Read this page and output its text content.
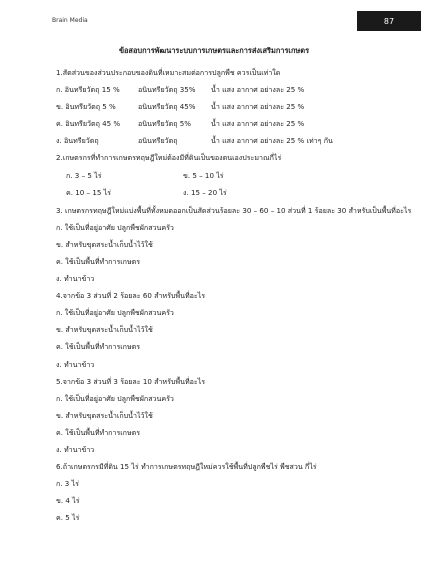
Brain Media	87
ข้อสอบการพัฒนาระบบการเกษตรและการส่งเสริมการเกษตร
1.สัดส่วนของส่วนประกอบของดินที่เหมาะสมต่อการปลูกพืช ควรเป็นเท่าใด
ก. อินทรียวัตถุ 15 %	อนินทรียวัตถุ 35%	น้ำ แสง อากาศ อย่างละ 25 %
ข. อินทรียวัตถุ 5 %	อนินทรียวัตถุ 45%	น้ำ แสง อากาศ อย่างละ 25 %
ค. อินทรียวัตถุ 45 %	อนินทรียวัตถุ 5%	น้ำ แสง อากาศ อย่างละ 25 %
ง. อินทรียวัตถุ	อนินทรียวัตถุ	น้ำ แสง อากาศ อย่างละ 25 % เท่าๆ กัน
2.เกษตรกรที่ทำการเกษตรทฤษฎีใหม่ต้องมีที่ดินเป็นของตนเองประมาณกี่ไร่
ก. 3 – 5 ไร่	ข. 5 – 10 ไร่
ค. 10 – 15 ไร่	ง. 15 – 20 ไร่
3. เกษตรกรทฤษฎีใหม่แบ่งพื้นที่ทั้งหมดออกเป็นสัดส่วนร้อยละ 30 – 60 – 10 ส่วนที่ 1 ร้อยละ 30 สำหรับเป็นพื้นที่อะไร
ก. ใช้เป็นที่อยู่อาศัย ปลูกพืชผักสวนครัว
ข. สำหรับขุดสระน้ำเก็บน้ำไว้ใช้
ค. ใช้เป็นพื้นที่ทำการเกษตร
ง. ทำนาข้าว
4.จากข้อ 3 ส่วนที่ 2 ร้อยละ 60 สำหรับพื้นที่อะไร
ก. ใช้เป็นที่อยู่อาศัย ปลูกพืชผักสวนครัว
ข. สำหรับขุดสระน้ำเก็บน้ำไว้ใช้
ค. ใช้เป็นพื้นที่ทำการเกษตร
ง. ทำนาข้าว
5.จากข้อ 3 ส่วนที่ 3 ร้อยละ 10 สำหรับพื้นที่อะไร
ก. ใช้เป็นที่อยู่อาศัย ปลูกพืชผักสวนครัว
ข. สำหรับขุดสระน้ำเก็บน้ำไว้ใช้
ค. ใช้เป็นพื้นที่ทำการเกษตร
ง. ทำนาข้าว
6.ถ้าเกษตรกรมีที่ดิน 15 ไร่ ทำการเกษตรทฤษฎีใหม่ควรใช้พื้นที่ปลูกพืชไร่ พืชสวน กี่ไร่
ก. 3 ไร่
ข. 4 ไร่
ค. 5 ไร่
